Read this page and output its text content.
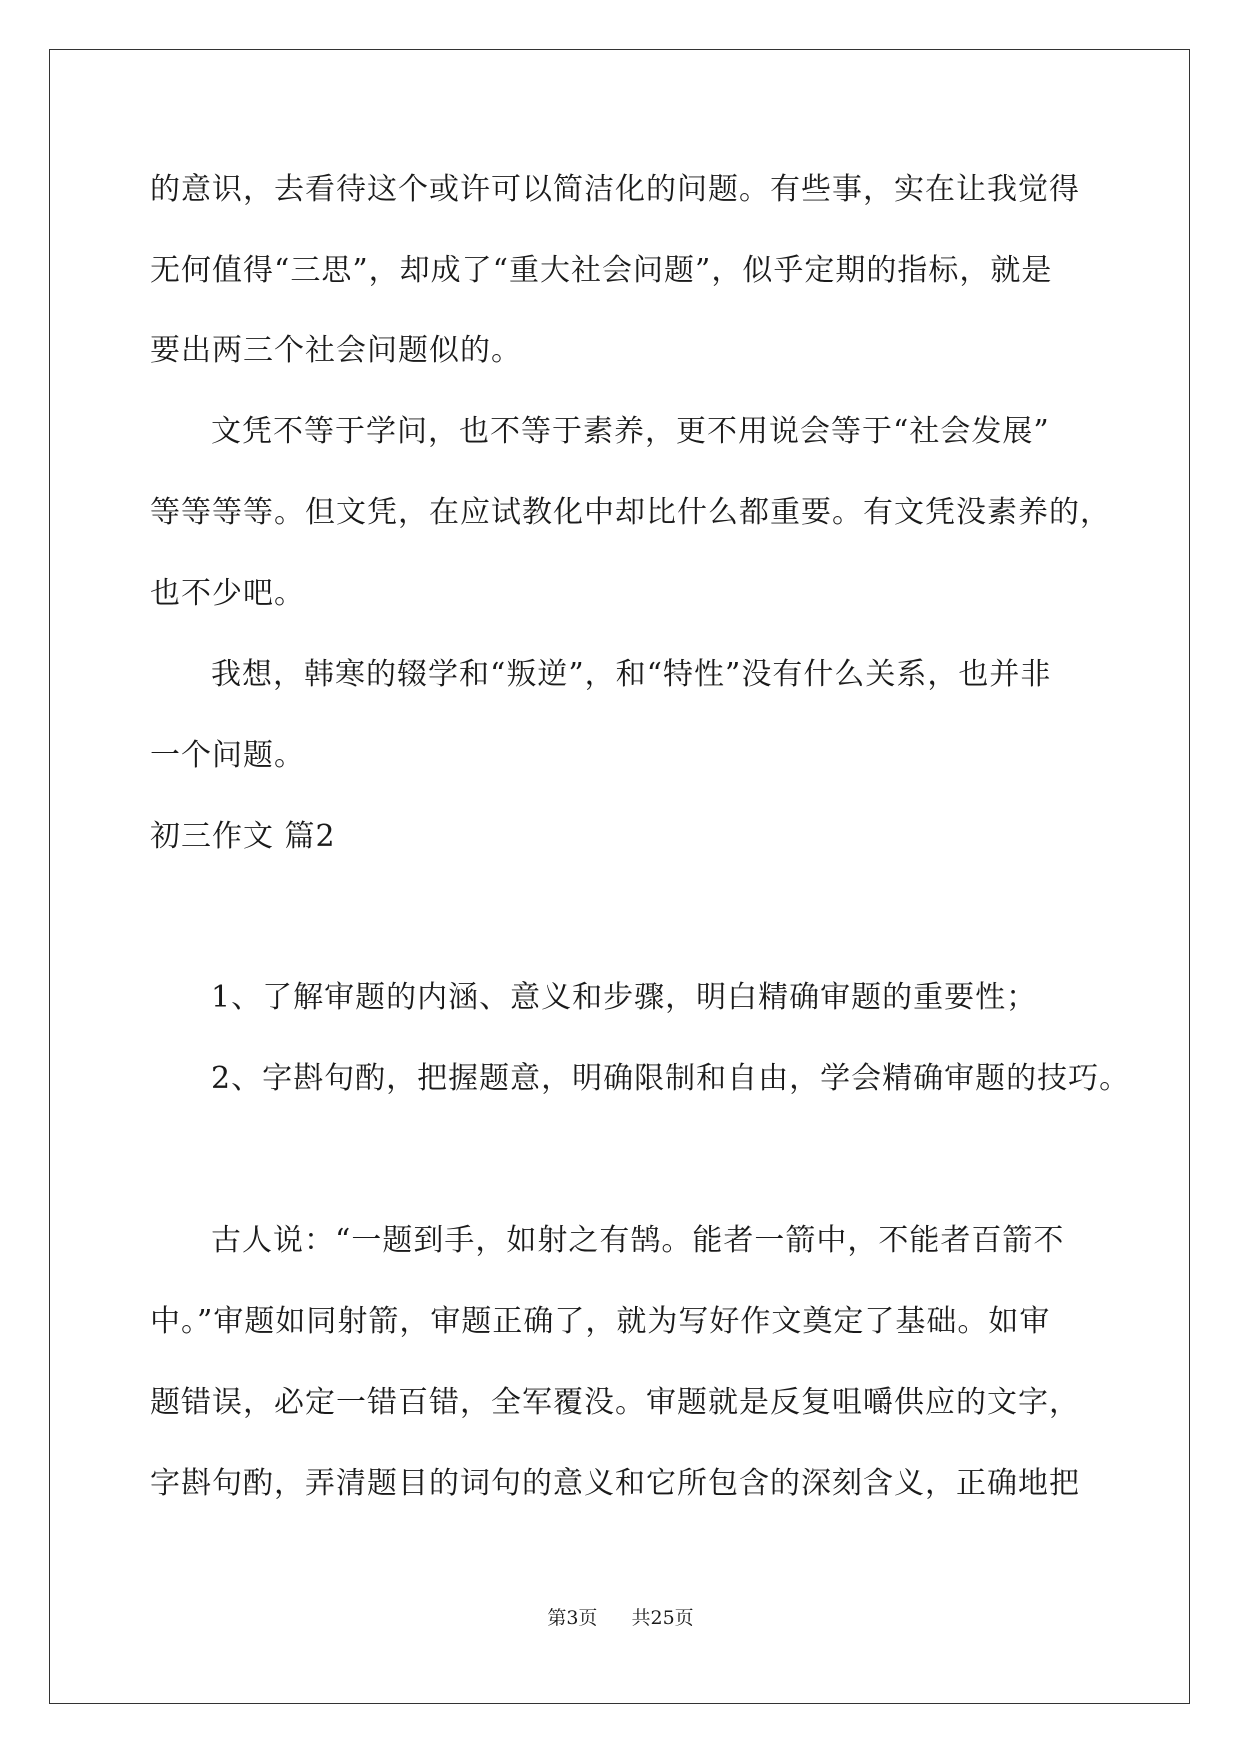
的意识，去看待这个或许可以简洁化的问题。有些事，实在让我觉得
无何值得“三思”，却成了“重大社会问题”，似乎定期的指标，就是
要出两三个社会问题似的。
文凭不等于学问，也不等于素养，更不用说会等于“社会发展”
等等等等。但文凭，在应试教化中却比什么都重要。有文凭没素养的，
也不少吧。
我想，韩寒的辍学和“叛逆”，和“特性”没有什么关系，也并非
一个问题。
初三作文 篇2
1、了解审题的内涵、意义和步骤，明白精确审题的重要性；
2、字斟句酌，把握题意，明确限制和自由，学会精确审题的技巧。
古人说：“一题到手，如射之有鹄。能者一箭中，不能者百箭不
中。”审题如同射箭，审题正确了，就为写好作文奠定了基础。如审
题错误，必定一错百错，全军覆没。审题就是反复咀嚼供应的文字，
字斟句酌，弄清题目的词句的意义和它所包含的深刻含义，正确地把
第3页 共25页
